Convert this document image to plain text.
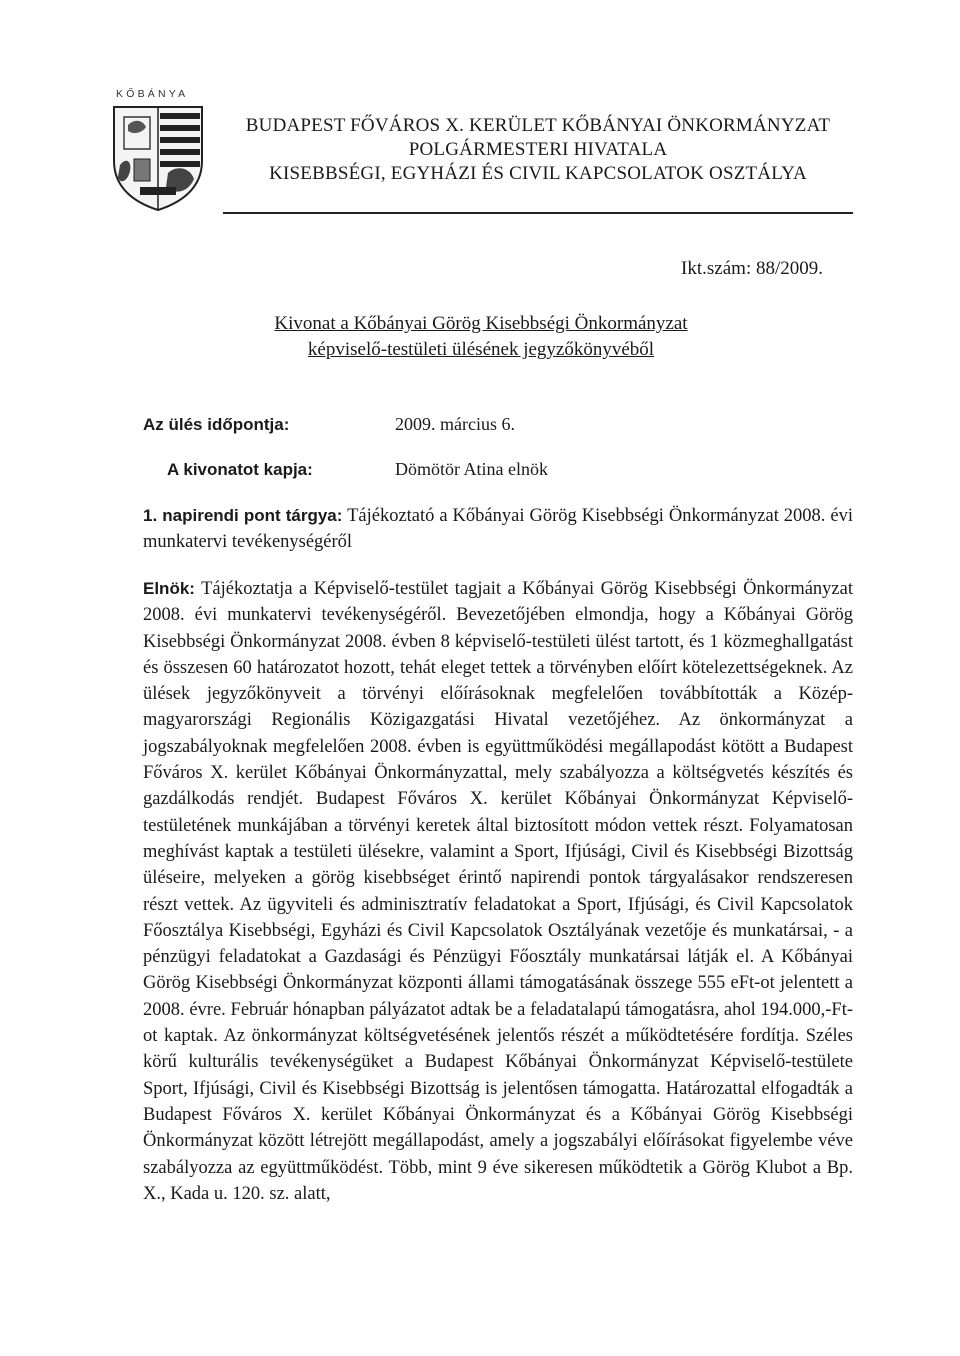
KŐBÁNYA
BUDAPEST FŐVÁROS X. KERÜLET KŐBÁNYAI ÖNKORMÁNYZAT
POLGÁRMESTERI HIVATALA
KISEBBSÉGI, EGYHÁZI ÉS CIVIL KAPCSOLATOK OSZTÁLYA
Ikt.szám: 88/2009.
Kivonat a Kőbányai Görög Kisebbségi Önkormányzat
képviselő-testületi ülésének jegyzőkönyvéből
Az ülés időpontja:	2009. március 6.
A kivonatot kapja:	Dömötör Atina elnök
1. napirendi pont tárgya: Tájékoztató a Kőbányai Görög Kisebbségi Önkormányzat 2008. évi munkatervi tevékenységéről
Elnök: Tájékoztatja a Képviselő-testület tagjait a Kőbányai Görög Kisebbségi Önkormányzat 2008. évi munkatervi tevékenységéről. Bevezetőjében elmondja, hogy a Kőbányai Görög Kisebbségi Önkormányzat 2008. évben 8 képviselő-testületi ülést tartott, és 1 közmeghallgatást és összesen 60 határozatot hozott, tehát eleget tettek a törvényben előírt kötelezettségeknek. Az ülések jegyzőkönyveit a törvényi előírásoknak megfelelően továbbították a Közép-magyarországi Regionális Közigazgatási Hivatal vezetőjéhez. Az önkormányzat a jogszabályoknak megfelelően 2008. évben is együttműködési megállapodást kötött a Budapest Főváros X. kerület Kőbányai Önkormányzattal, mely szabályozza a költségvetés készítés és gazdálkodás rendjét. Budapest Főváros X. kerület Kőbányai Önkormányzat Képviselő-testületének munkájában a törvényi keretek által biztosított módon vettek részt. Folyamatosan meghívást kaptak a testületi ülésekre, valamint a Sport, Ifjúsági, Civil és Kisebbségi Bizottság üléseire, melyeken a görög kisebbséget érintő napirendi pontok tárgyalásakor rendszeresen részt vettek. Az ügyviteli és adminisztratív feladatokat a Sport, Ifjúsági, és Civil Kapcsolatok Főosztálya Kisebbségi, Egyházi és Civil Kapcsolatok Osztályának vezetője és munkatársai, - a pénzügyi feladatokat a Gazdasági és Pénzügyi Főosztály munkatársai látják el. A Kőbányai Görög Kisebbségi Önkormányzat központi állami támogatásának összege 555 eFt-ot jelentett a 2008. évre. Február hónapban pályázatot adtak be a feladatalapú támogatásra, ahol 194.000,-Ft-ot kaptak. Az önkormányzat költségvetésének jelentős részét a működtetésére fordítja. Széles körű kulturális tevékenységüket a Budapest Kőbányai Önkormányzat Képviselő-testülete Sport, Ifjúsági, Civil és Kisebbségi Bizottság is jelentősen támogatta. Határozattal elfogadták a Budapest Főváros X. kerület Kőbányai Önkormányzat és a Kőbányai Görög Kisebbségi Önkormányzat között létrejött megállapodást, amely a jogszabályi előírásokat figyelembe véve szabályozza az együttműködést. Több, mint 9 éve sikeresen működtetik a Görög Klubot a Bp. X., Kada u. 120. sz. alatt,
